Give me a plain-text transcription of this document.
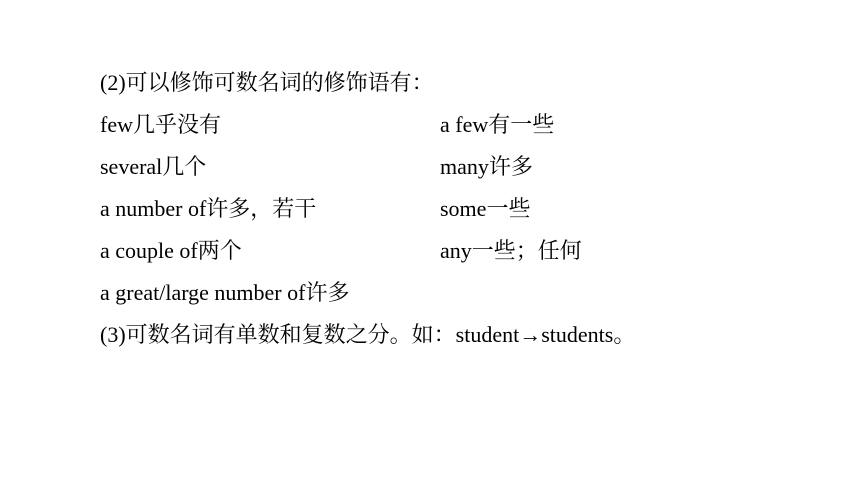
(2)可以修饰可数名词的修饰语有：
few几乎没有	a few有一些
several几个	many许多
a number of许多，若干	some一些
a couple of两个	any一些；任何
a great/large number of许多
(3)可数名词有单数和复数之分。如：student→students。
